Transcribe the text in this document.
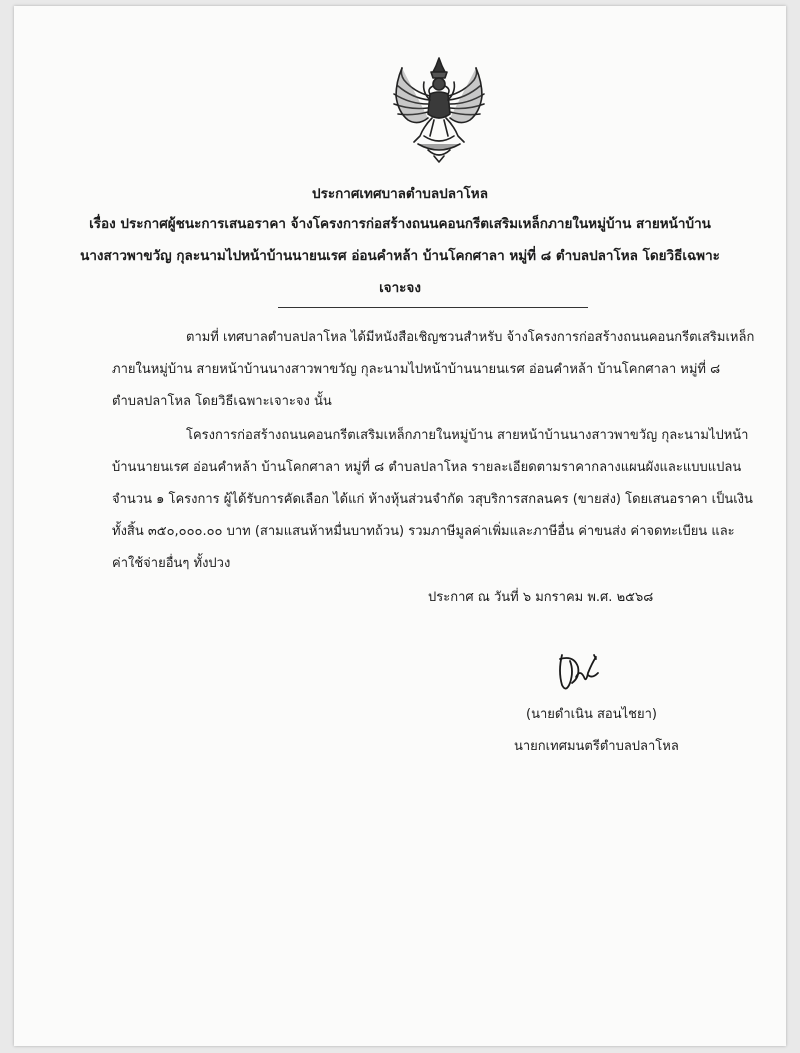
ประกาศเทศบาลตำบลปลาโหล
เรื่อง ประกาศผู้ชนะการเสนอราคา จ้างโครงการก่อสร้างถนนคอนกรีตเสริมเหล็กภายในหมู่บ้าน สายหน้าบ้าน
นางสาวพาขวัญ กุละนามไปหน้าบ้านนายนเรศ อ่อนคำหล้า บ้านโคกศาลา หมู่ที่ ๘ ตำบลปลาโหล โดยวิธีเฉพาะ
เจาะจง
ตามที่ เทศบาลตำบลปลาโหล ได้มีหนังสือเชิญชวนสำหรับ จ้างโครงการก่อสร้างถนนคอนกรีตเสริมเหล็ก
ภายในหมู่บ้าน สายหน้าบ้านนางสาวพาขวัญ กุละนามไปหน้าบ้านนายนเรศ อ่อนคำหล้า บ้านโคกศาลา หมู่ที่ ๘
ตำบลปลาโหล โดยวิธีเฉพาะเจาะจง นั้น
โครงการก่อสร้างถนนคอนกรีตเสริมเหล็กภายในหมู่บ้าน สายหน้าบ้านนางสาวพาขวัญ กุละนามไปหน้า
บ้านนายนเรศ อ่อนคำหล้า บ้านโคกศาลา หมู่ที่ ๘ ตำบลปลาโหล รายละเอียดตามราคากลางแผนผังและแบบแปลน
จำนวน ๑ โครงการ ผู้ได้รับการคัดเลือก ได้แก่ ห้างหุ้นส่วนจำกัด วสุบริการสกลนคร (ขายส่ง) โดยเสนอราคา เป็นเงิน
ทั้งสิ้น ๓๕๐,๐๐๐.๐๐ บาท (สามแสนห้าหมื่นบาทถ้วน) รวมภาษีมูลค่าเพิ่มและภาษีอื่น ค่าขนส่ง ค่าจดทะเบียน และ
ค่าใช้จ่ายอื่นๆ ทั้งปวง
ประกาศ ณ วันที่ ๖ มกราคม พ.ศ. ๒๕๖๘
(นายดำเนิน สอนไชยา)
นายกเทศมนตรีตำบลปลาโหล
